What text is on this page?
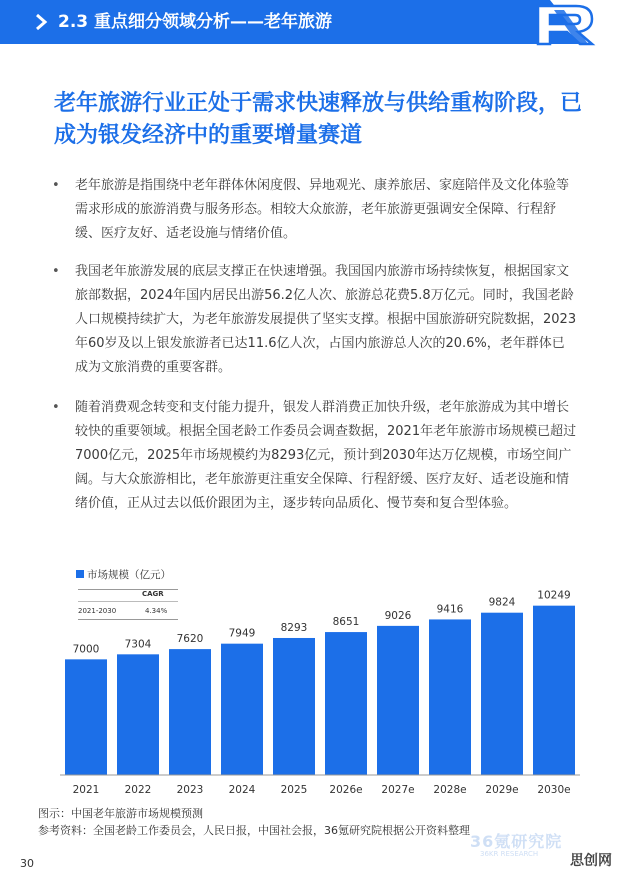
2.3 重点细分领域分析——老年旅游
老年旅游行业正处于需求快速释放与供给重构阶段，已成为银发经济中的重要增量赛道
•	老年旅游是指围绕中老年群体休闲度假、异地观光、康养旅居、家庭陪伴及文化体验等需求形成的旅游消费与服务形态。相较大众旅游，老年旅游更强调安全保障、行程舒缓、医疗友好、适老设施与情绪价值。
•	我国老年旅游发展的底层支撑正在快速增强。我国国内旅游市场持续恢复，根据国家文旅部数据，2024年国内居民出游56.2亿人次、旅游总花费5.8万亿元。同时，我国老龄人口规模持续扩大，为老年旅游发展提供了坚实支撑。根据中国旅游研究院数据，2023年60岁及以上银发旅游者已达11.6亿人次，占国内旅游总人次的20.6%，老年群体已成为文旅消费的重要客群。
•	随着消费观念转变和支付能力提升，银发人群消费正加快升级，老年旅游成为其中增长较快的重要领域。根据全国老龄工作委员会调查数据，2021年老年旅游市场规模已超过7000亿元，2025年市场规模约为8293亿元，预计到2030年达万亿规模，市场空间广阔。与大众旅游相比，老年旅游更注重安全保障、行程舒缓、医疗友好、适老设施和情绪价值，正从过去以低价跟团为主，逐步转向品质化、慢节奏和复合型体验。
市场规模（亿元）
7000
2021
7304
2022
7620
2023
7949
2024
8293
2025
8651
2026e
9026
2027e
9416
2028e
9824
2029e
10249
2030e
CAGR
2021-2030	4.34%
图示：中国老年旅游市场规模预测
参考资料：全国老龄工作委员会，人民日报，中国社会报，36氪研究院根据公开资料整理
36氪研究院
36KR RESEARCH
30	思创网
